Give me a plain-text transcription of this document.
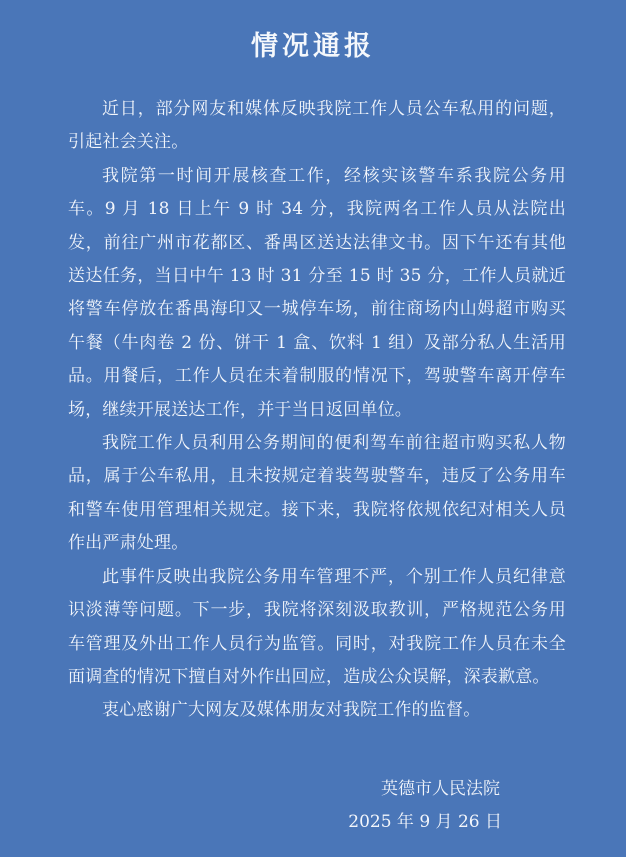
情况通报

近日，部分网友和媒体反映我院工作人员公车私用的问题，引起社会关注。

我院第一时间开展核查工作，经核实该警车系我院公务用车。9 月 18 日上午 9 时 34 分，我院两名工作人员从法院出发，前往广州市花都区、番禺区送达法律文书。因下午还有其他送达任务，当日中午 13 时 31 分至 15 时 35 分，工作人员就近将警车停放在番禺海印又一城停车场，前往商场内山姆超市购买午餐（牛肉卷 2 份、饼干 1 盒、饮料 1 组）及部分私人生活用品。用餐后，工作人员在未着制服的情况下，驾驶警车离开停车场，继续开展送达工作，并于当日返回单位。

我院工作人员利用公务期间的便利驾车前往超市购买私人物品，属于公车私用，且未按规定着装驾驶警车，违反了公务用车和警车使用管理相关规定。接下来，我院将依规依纪对相关人员作出严肃处理。

此事件反映出我院公务用车管理不严，个别工作人员纪律意识淡薄等问题。下一步，我院将深刻汲取教训，严格规范公务用车管理及外出工作人员行为监管。同时，对我院工作人员在未全面调查的情况下擅自对外作出回应，造成公众误解，深表歉意。

衷心感谢广大网友及媒体朋友对我院工作的监督。

英德市人民法院
2025 年 9 月 26 日
